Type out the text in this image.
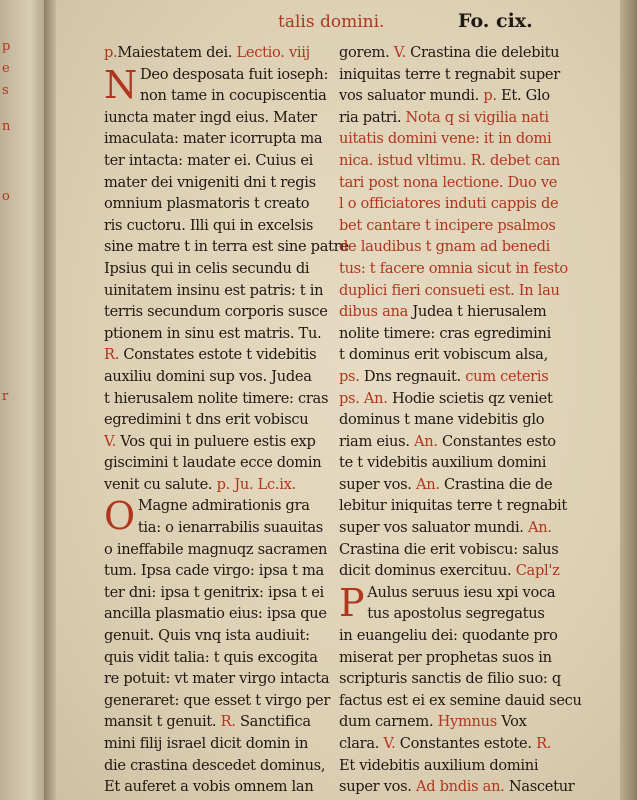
p
e
s
n
o
r
talis domini.	Fo. cix.
p.Maiestatem dei. Lectio. viij
N Deo desposata fuit ioseph:
non tame in cocupiscentia
iuncta mater ingd eius. Mater
imaculata: mater icorrupta ma
ter intacta: mater ei. Cuius ei
mater dei vnigeniti dni t regis
omnium plasmatoris t creato
ris cuctoru. Illi qui in excelsis
sine matre t in terra est sine patre
Ipsius qui in celis secundu di
uinitatem insinu est patris: t in
terris secundum corporis susce
ptionem in sinu est matris. Tu.
R. Constates estote t videbitis
auxiliu domini sup vos. Judea
t hierusalem nolite timere: cras
egredimini t dns erit vobiscu
V. Vos qui in puluere estis exp
giscimini t laudate ecce domin
venit cu salute. p. Ju. Lc.ix.
O Magne admirationis gra
tia: o ienarrabilis suauitas
o ineffabile magnuqz sacramen
tum. Ipsa cade virgo: ipsa t ma
ter dni: ipsa t genitrix: ipsa t ei
ancilla plasmatio eius: ipsa que
genuit. Quis vnq ista audiuit:
quis vidit talia: t quis excogita
re potuit: vt mater virgo intacta
generaret: que esset t virgo per
mansit t genuit. R. Sanctifica
mini filij israel dicit domin in
die crastina descedet dominus,
Et auferet a vobis omnem lan
gorem. V. Crastina die delebitu
iniquitas terre t regnabit super
vos saluator mundi. p. Et. Glo
ria patri. Nota q si vigilia nati
uitatis domini vene: it in domi
nica. istud vltimu. R. debet can
tari post nona lectione. Duo ve
l o officiatores induti cappis de
bet cantare t incipere psalmos
de laudibus t gnam ad benedi
tus: t facere omnia sicut in festo
duplici fieri consueti est. In lau
dibus ana Judea t hierusalem
nolite timere: cras egredimini
t dominus erit vobiscum alsa,
ps. Dns regnauit. cum ceteris
ps. An. Hodie scietis qz veniet
dominus t mane videbitis glo
riam eius. An. Constantes esto
te t videbitis auxilium domini
super vos. An. Crastina die de
lebitur iniquitas terre t regnabit
super vos saluator mundi. An.
Crastina die erit vobiscu: salus
dicit dominus exercituu. Capl'z
P Aulus seruus iesu xpi voca
tus apostolus segregatus
in euangeliu dei: quodante pro
miserat per prophetas suos in
scripturis sanctis de filio suo: q
factus est ei ex semine dauid secu
dum carnem. Hymnus Vox
clara. V. Constantes estote. R.
Et videbitis auxilium domini
super vos. Ad bndis an. Nascetur
